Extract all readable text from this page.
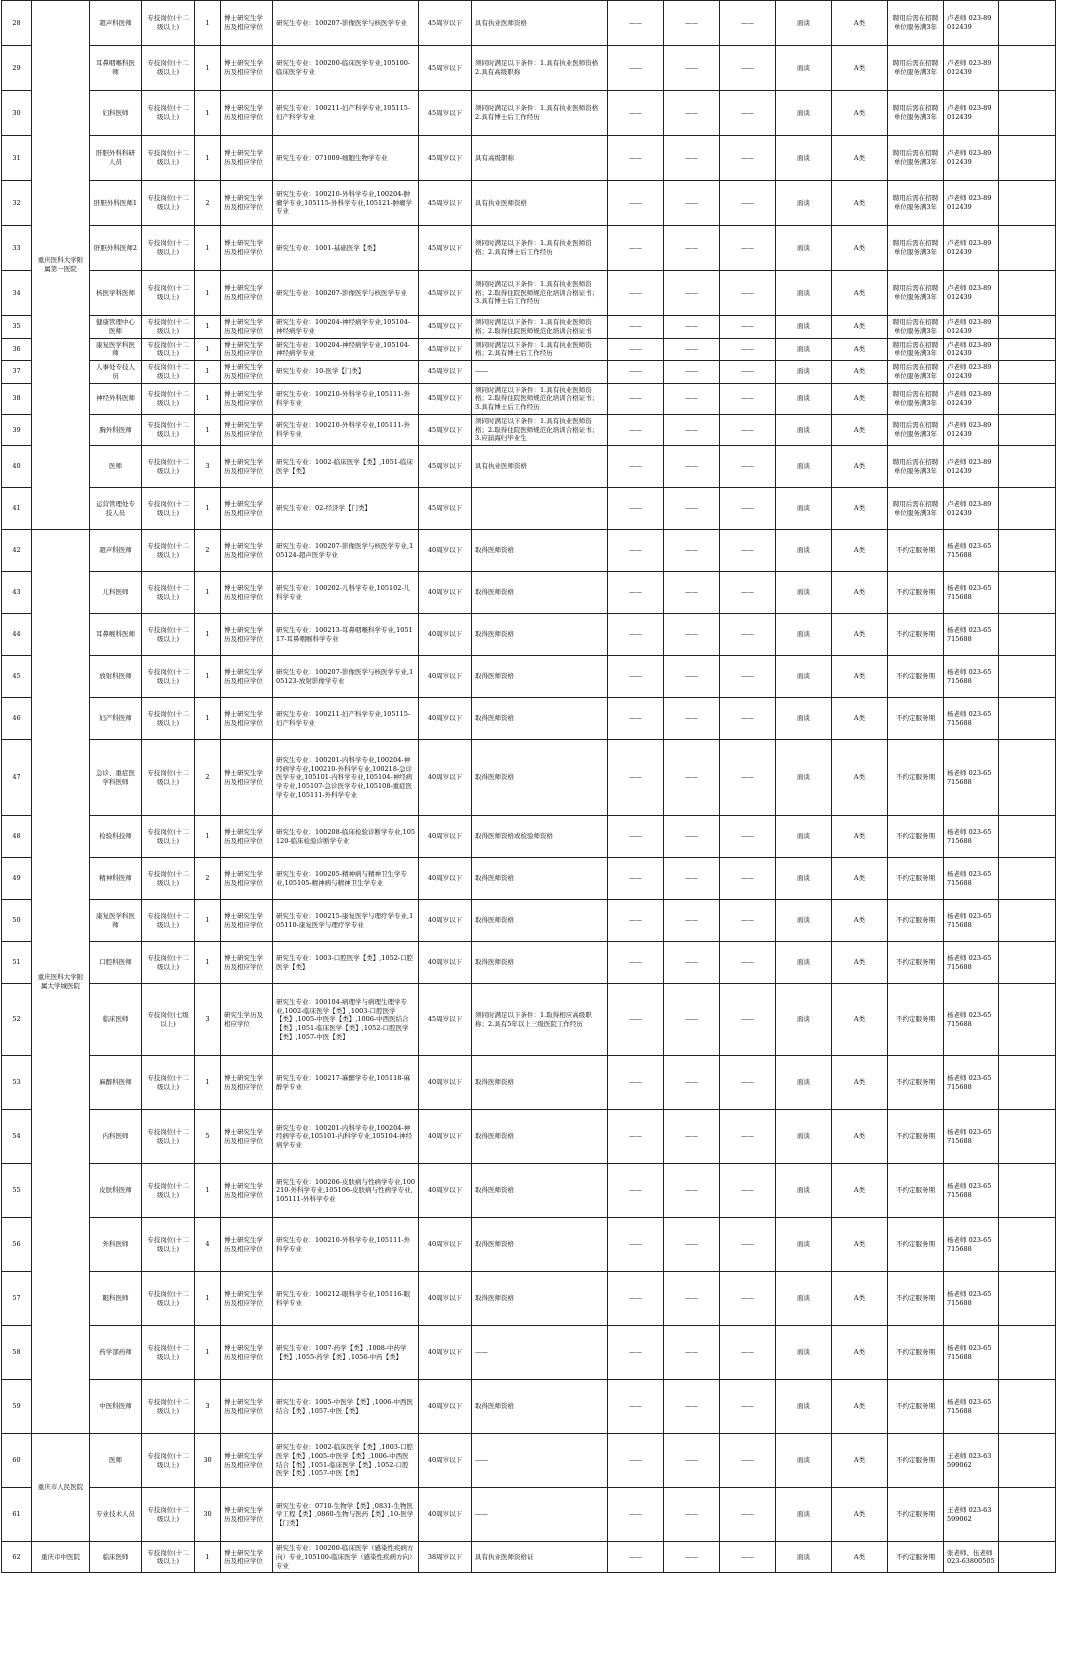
28	重庆医科大学附属第一医院	超声科医师	专技岗位(十二级以上)	1	博士研究生学历及相应学位	研究生专业：100207-影像医学与核医学专业	45周岁以下	具有执业医师资格	——	——	——	面谈	A类	聘用后需在招聘单位服务满3年	卢老师 023-89012439	
29		耳鼻咽喉科医师	专技岗位(十二级以上)	1	博士研究生学历及相应学位	研究生专业：100200-临床医学专业,105100-临床医学专业	45周岁以下	须同时满足以下条件：1.具有执业医师资格2.具有高级职称	——	——	——	面谈	A类	聘用后需在招聘单位服务满3年	卢老师 023-89012439	
30		妇科医师	专技岗位(十二级以上)	1	博士研究生学历及相应学位	研究生专业：100211-妇产科学专业,105115-妇产科学专业	45周岁以下	须同时满足以下条件：1.具有执业医师资格2.具有博士后工作经历	——	——	——	面谈	A类	聘用后需在招聘单位服务满3年	卢老师 023-89012439	
31		肝胆外科科研人员	专技岗位(十二级以上)	1	博士研究生学历及相应学位	研究生专业：071009-细胞生物学专业	45周岁以下	具有高级职称	——	——	——	面谈	A类	聘用后需在招聘单位服务满3年	卢老师 023-89012439	
32		肝胆外科医师1	专技岗位(十二级以上)	2	博士研究生学历及相应学位	研究生专业：100210-外科学专业,100204-肿瘤学专业,105115-外科学专业,105121-肿瘤学专业	45周岁以下	具有执业医师资格	——	——	——	面谈	A类	聘用后需在招聘单位服务满3年	卢老师 023-89012439	
33		肝胆外科医师2	专技岗位(十二级以上)	1	博士研究生学历及相应学位	研究生专业：1001-基础医学【类】	45周岁以下	须同时满足以下条件：1.具有执业医师资格；2.具有博士后工作经历	——	——	——	面谈	A类	聘用后需在招聘单位服务满3年	卢老师 023-89012439	
34		核医学科医师	专技岗位(十二级以上)	1	博士研究生学历及相应学位	研究生专业：100207-影像医学与核医学专业	45周岁以下	须同时满足以下条件：1.具有执业医师资格；2.取得住院医师规范化培训合格证书；3.具有博士后工作经历	——	——	——	面谈	A类	聘用后需在招聘单位服务满3年	卢老师 023-89012439	
35		健康管理中心医师	专技岗位(十二级以上)	1	博士研究生学历及相应学位	研究生专业：100204-神经病学专业,105104-神经病学专业	45周岁以下	须同时满足以下条件：1.具有执业医师资格；2.取得住院医师规范化培训合格证书	——	——	——	面谈	A类	聘用后需在招聘单位服务满3年	卢老师 023-89012439	
36		康复医学科医师	专技岗位(十二级以上)	1	博士研究生学历及相应学位	研究生专业：100204-神经病学专业,105104-神经病学专业	45周岁以下	须同时满足以下条件：1.具有执业医师资格；2.具有博士后工作经历	——	——	——	面谈	A类	聘用后需在招聘单位服务满3年	卢老师 023-89012439	
37		人事处专技人员	专技岗位(十二级以上)	1	博士研究生学历及相应学位	研究生专业：10-医学【门类】	45周岁以下	——	——	——	——	面谈	A类	聘用后需在招聘单位服务满3年	卢老师 023-89012439	
38		神经外科医师	专技岗位(十二级以上)	1	博士研究生学历及相应学位	研究生专业：100210-外科学专业,105111-外科学专业	45周岁以下	须同时满足以下条件：1.具有执业医师资格；2.取得住院医师规范化培训合格证书；3.具有博士后工作经历	——	——	——	面谈	A类	聘用后需在招聘单位服务满3年	卢老师 023-89012439	
39		胸外科医师	专技岗位(十二级以上)	1	博士研究生学历及相应学位	研究生专业：100210-外科学专业,105111-外科学专业	45周岁以下	须同时满足以下条件：1.具有执业医师资格；2.取得住院医师规范化培训合格证书；3.应届海归毕业生	——	——	——	面谈	A类	聘用后需在招聘单位服务满3年	卢老师 023-89012439	
40		医师	专技岗位(十二级以上)	3	博士研究生学历及相应学位	研究生专业：1002-临床医学【类】,1051-临床医学【类】	45周岁以下	具有执业医师资格	——	——	——	面谈	A类	聘用后需在招聘单位服务满3年	卢老师 023-89012439	
41		运营管理处专技人员	专技岗位(十二级以上)	1	博士研究生学历及相应学位	研究生专业：02-经济学【门类】	45周岁以下		——	——	——	面谈	A类	聘用后需在招聘单位服务满3年	卢老师 023-89012439	
42	重庆医科大学附属大学城医院	超声科医师	专技岗位(十二级以上)	2	博士研究生学历及相应学位	研究生专业：100207-影像医学与核医学专业,105124-超声医学专业	40周岁以下	取得医师资格	——	——	——	面谈	A类	不约定服务期	杨老师 023-65715688	
43		儿科医师	专技岗位(十二级以上)	1	博士研究生学历及相应学位	研究生专业：100202-儿科学专业,105102-儿科学专业	40周岁以下	取得医师资格	——	——	——	面谈	A类	不约定服务期	杨老师 023-65715688	
44		耳鼻喉科医师	专技岗位(十二级以上)	1	博士研究生学历及相应学位	研究生专业：100213-耳鼻咽喉科学专业,105117-耳鼻咽喉科学专业	40周岁以下	取得医师资格	——	——	——	面谈	A类	不约定服务期	杨老师 023-65715688	
45		放射科医师	专技岗位(十二级以上)	1	博士研究生学历及相应学位	研究生专业：100207-影像医学与核医学专业,105123-放射影像学专业	40周岁以下	取得医师资格	——	——	——	面谈	A类	不约定服务期	杨老师 023-65715688	
46		妇产科医师	专技岗位(十二级以上)	1	博士研究生学历及相应学位	研究生专业：100211-妇产科学专业,105115-妇产科学专业	40周岁以下	取得医师资格	——	——	——	面谈	A类	不约定服务期	杨老师 023-65715688	
47		急诊、重症医学科医师	专技岗位(十二级以上)	2	博士研究生学历及相应学位	研究生专业：100201-内科学专业,100204-神经病学专业,100210-外科学专业,100218-急诊医学专业,105101-内科学专业,105104-神经病学专业,105107-急诊医学专业,105108-重症医学专业,105111-外科学专业	40周岁以下	取得医师资格	——	——	——	面谈	A类	不约定服务期	杨老师 023-65715688	
48		检验科技师	专技岗位(十二级以上)	1	博士研究生学历及相应学位	研究生专业：100208-临床检验诊断学专业,105120-临床检验诊断学专业	40周岁以下	取得医师资格或检验师资格	——	——	——	面谈	A类	不约定服务期	杨老师 023-65715688	
49		精神科医师	专技岗位(十二级以上)	2	博士研究生学历及相应学位	研究生专业：100205-精神病与精神卫生学专业,105105-精神病与精神卫生学专业	40周岁以下	取得医师资格	——	——	——	面谈	A类	不约定服务期	杨老师 023-65715688	
50		康复医学科医师	专技岗位(十二级以上)	1	博士研究生学历及相应学位	研究生专业：100215-康复医学与理疗学专业,105110-康复医学与理疗学专业	40周岁以下	取得医师资格	——	——	——	面谈	A类	不约定服务期	杨老师 023-65715688	
51		口腔科医师	专技岗位(十二级以上)	1	博士研究生学历及相应学位	研究生专业：1003-口腔医学【类】,1052-口腔医学【类】	40周岁以下	取得医师资格	——	——	——	面谈	A类	不约定服务期	杨老师 023-65715688	
52		临床医师	专技岗位(七级以上)	3	研究生学历及相应学位	研究生专业：100104-病理学与病理生理学专业,1002-临床医学【类】,1003-口腔医学【类】,1005-中医学【类】,1006-中西医结合【类】,1051-临床医学【类】,1052-口腔医学【类】,1057-中医【类】	45周岁以下	须同时满足以下条件：1.取得相应高级职称；2.具有5年以上三级医院工作经历	——	——	——	面谈	A类	不约定服务期	杨老师 023-65715688	
53		麻醉科医师	专技岗位(十二级以上)	1	博士研究生学历及相应学位	研究生专业：100217-麻醉学专业,105118-麻醉学专业	40周岁以下	取得医师资格	——	——	——	面谈	A类	不约定服务期	杨老师 023-65715688	
54		内科医师	专技岗位(十二级以上)	5	博士研究生学历及相应学位	研究生专业：100201-内科学专业,100204-神经病学专业,105101-内科学专业,105104-神经病学专业	40周岁以下	取得医师资格	——	——	——	面谈	A类	不约定服务期	杨老师 023-65715688	
55		皮肤科医师	专技岗位(十二级以上)	1	博士研究生学历及相应学位	研究生专业：100206-皮肤病与性病学专业,100210-外科学专业,105106-皮肤病与性病学专业,105111-外科学专业	40周岁以下	取得医师资格	——	——	——	面谈	A类	不约定服务期	杨老师 023-65715688	
56		外科医师	专技岗位(十二级以上)	4	博士研究生学历及相应学位	研究生专业：100210-外科学专业,105111-外科学专业	40周岁以下	取得医师资格	——	——	——	面谈	A类	不约定服务期	杨老师 023-65715688	
57		眼科医师	专技岗位(十二级以上)	1	博士研究生学历及相应学位	研究生专业：100212-眼科学专业,105116-眼科学专业	40周岁以下	取得医师资格	——	——	——	面谈	A类	不约定服务期	杨老师 023-65715688	
58		药学部药师	专技岗位(十二级以上)	1	博士研究生学历及相应学位	研究生专业：1007-药学【类】,1008-中药学【类】,1055-药学【类】,1056-中药【类】	40周岁以下	——	——	——	——	面谈	A类	不约定服务期	杨老师 023-65715688	
59		中医科医师	专技岗位(十二级以上)	3	博士研究生学历及相应学位	研究生专业：1005-中医学【类】,1006-中西医结合【类】,1057-中医【类】	40周岁以下	取得医师资格	——	——	——	面谈	A类	不约定服务期	杨老师 023-65715688	
60	重庆市人民医院	医师	专技岗位(十二级以上)	30	博士研究生学历及相应学位	研究生专业：1002-临床医学【类】,1003-口腔医学【类】,1005-中医学【类】,1006-中西医结合【类】,1051-临床医学【类】,1052-口腔医学【类】,1057-中医【类】	40周岁以下	——	——	——	——	面谈	A类	不约定服务期	王老师 023-63599062	
61		专业技术人员	专技岗位(十二级以上)	30	博士研究生学历及相应学位	研究生专业：0710-生物学【类】,0831-生物医学工程【类】,0860-生物与医药【类】,10-医学【门类】	40周岁以下	——	——	——	——	面谈	A类	不约定服务期	王老师 023-63599062	
62	重庆市中医院	临床医师	专技岗位(十二级以上)	1	博士研究生学历及相应学位	研究生专业：100200-临床医学（感染性疾病方向）专业,105100-临床医学（感染性疾病方向）专业	38周岁以下	具有执业医师资格证	——	——	——	面谈	A类	不约定服务期	张老师、伍老师 023-63800505	
